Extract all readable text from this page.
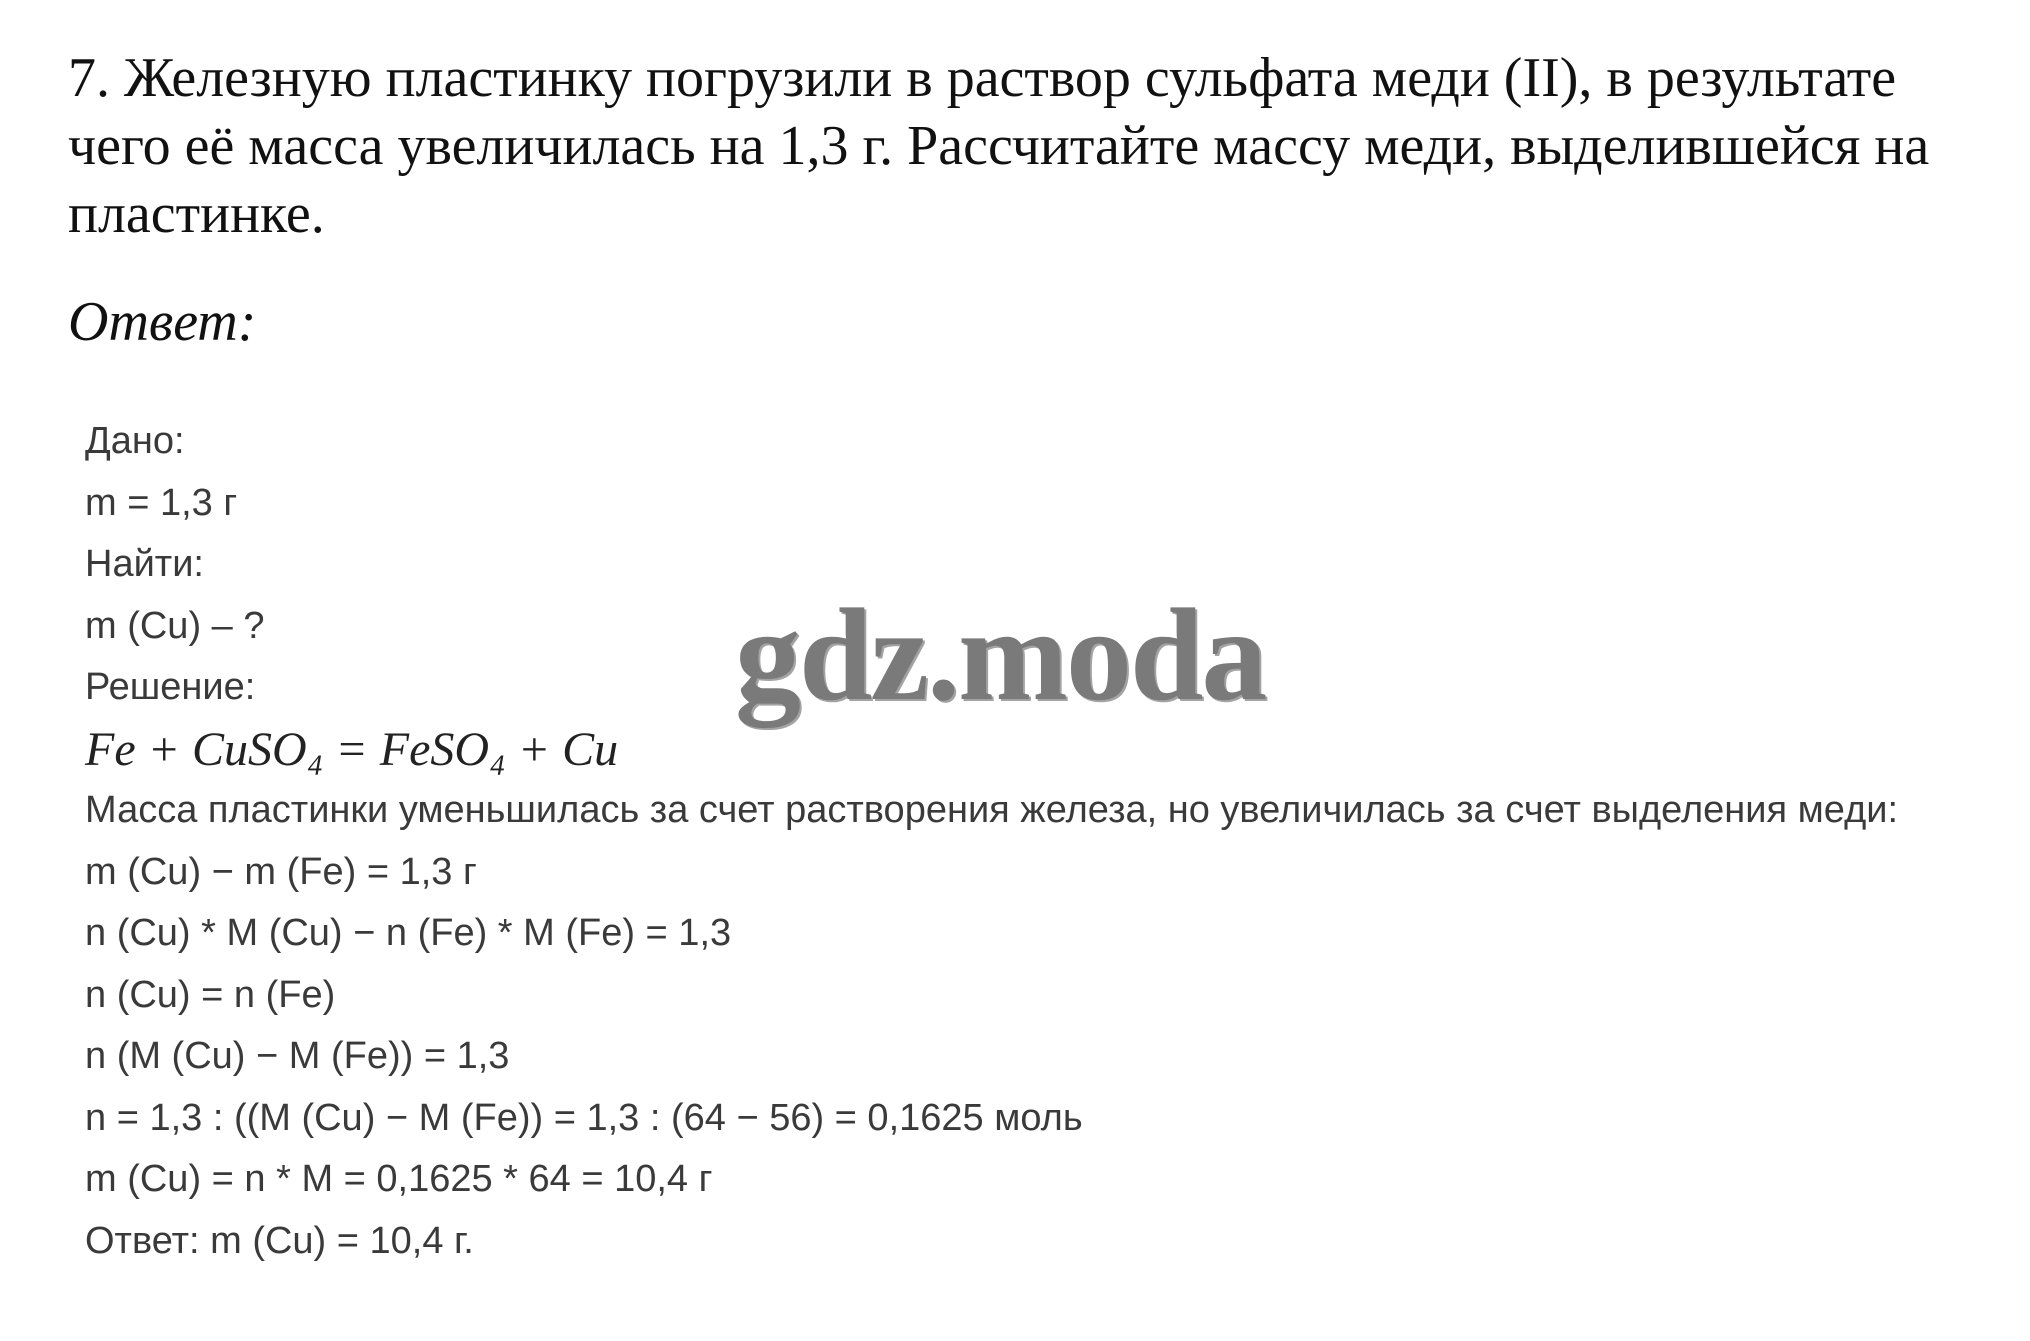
7. Железную пластинку погрузили в раствор сульфата меди (II), в результате чего её масса увеличилась на 1,3 г. Рассчитайте массу меди, выделившейся на пластинке.

Ответ:

Дано:
m = 1,3 г
Найти:
m (Cu) – ?
Решение:
Fe + CuSO₄ = FeSO₄ + Cu
Масса пластинки уменьшилась за счет растворения железа, но увеличилась за счет выделения меди:
m (Cu) − m (Fe) = 1,3 г
n (Cu) * M (Cu) − n (Fe) * M (Fe) = 1,3
n (Cu) = n (Fe)
n (M (Cu) − M (Fe)) = 1,3
n = 1,3 : ((M (Cu) − M (Fe)) = 1,3 : (64 − 56) = 0,1625 моль
m (Cu) = n * M = 0,1625 * 64 = 10,4 г
Ответ: m (Cu) = 10,4 г.
gdz.moda
